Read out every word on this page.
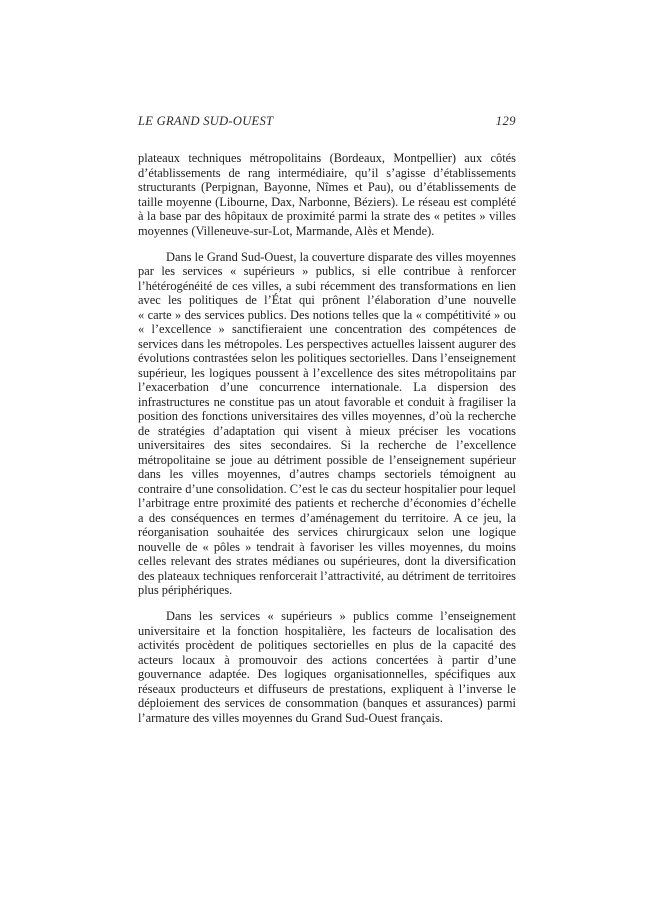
LE GRAND SUD-OUEST	129

plateaux techniques métropolitains (Bordeaux, Montpellier) aux côtés d’établissements de rang intermédiaire, qu’il s’agisse d’établissements structurants (Perpignan, Bayonne, Nîmes et Pau), ou d’établissements de taille moyenne (Libourne, Dax, Narbonne, Béziers). Le réseau est complété à la base par des hôpitaux de proximité parmi la strate des « petites » villes moyennes (Villeneuve-sur-Lot, Marmande, Alès et Mende).

Dans le Grand Sud-Ouest, la couverture disparate des villes moyennes par les services « supérieurs » publics, si elle contribue à renforcer l’hétérogénéité de ces villes, a subi récemment des transformations en lien avec les politiques de l’État qui prônent l’élaboration d’une nouvelle « carte » des services publics. Des notions telles que la « compétitivité » ou « l’excellence » sanctifieraient une concentration des compétences de services dans les métropoles. Les perspectives actuelles laissent augurer des évolutions contrastées selon les politiques sectorielles. Dans l’enseignement supérieur, les logiques poussent à l’excellence des sites métropolitains par l’exacerbation d’une concurrence internationale. La dispersion des infrastructures ne constitue pas un atout favorable et conduit à fragiliser la position des fonctions universitaires des villes moyennes, d’où la recherche de stratégies d’adaptation qui visent à mieux préciser les vocations universitaires des sites secondaires. Si la recherche de l’excellence métropolitaine se joue au détriment possible de l’enseignement supérieur dans les villes moyennes, d’autres champs sectoriels témoignent au contraire d’une consolidation. C’est le cas du secteur hospitalier pour lequel l’arbitrage entre proximité des patients et recherche d’économies d’échelle a des conséquences en termes d’aménagement du territoire. A ce jeu, la réorganisation souhaitée des services chirurgicaux selon une logique nouvelle de « pôles » tendrait à favoriser les villes moyennes, du moins celles relevant des strates médianes ou supérieures, dont la diversification des plateaux techniques renforcerait l’attractivité, au détriment de territoires plus périphériques.

Dans les services « supérieurs » publics comme l’enseignement universitaire et la fonction hospitalière, les facteurs de localisation des activités procèdent de politiques sectorielles en plus de la capacité des acteurs locaux à promouvoir des actions concertées à partir d’une gouvernance adaptée. Des logiques organisationnelles, spécifiques aux réseaux producteurs et diffuseurs de prestations, expliquent à l’inverse le déploiement des services de consommation (banques et assurances) parmi l’armature des villes moyennes du Grand Sud-Ouest français.
